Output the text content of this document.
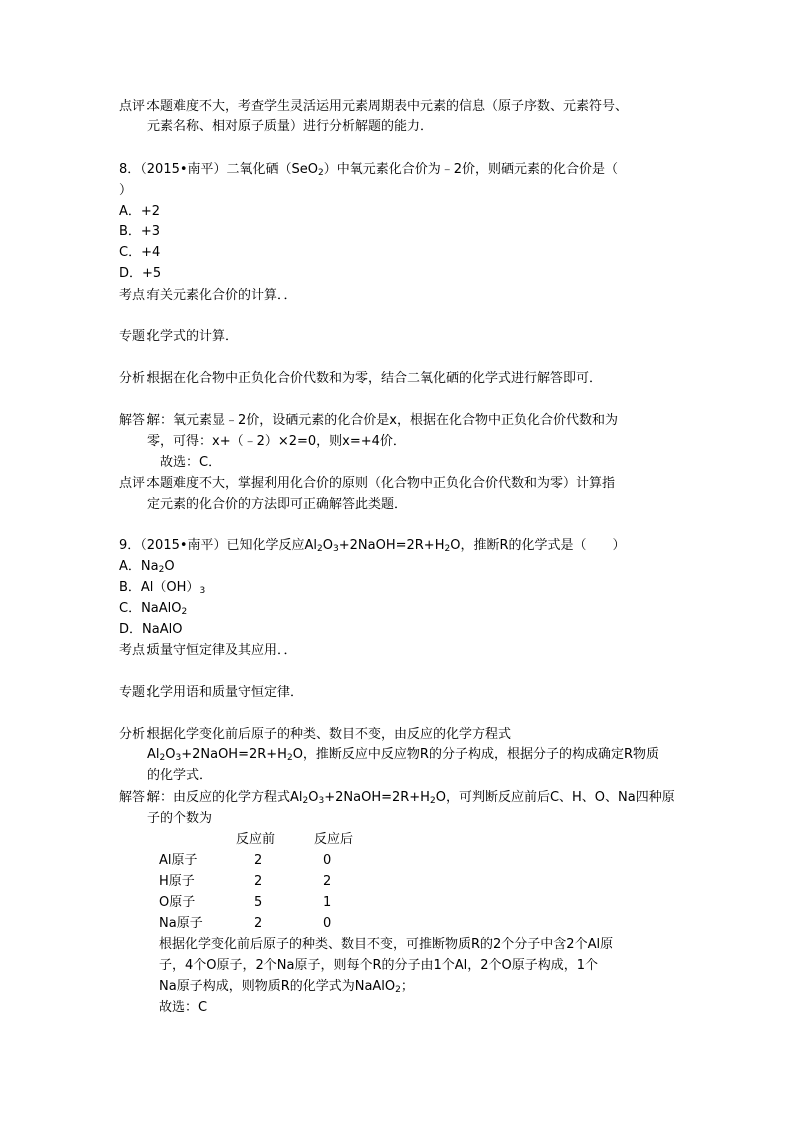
点评：
本题难度不大，考查学生灵活运用元素周期表中元素的信息（原子序数、元素符号、
元素名称、相对原子质量）进行分析解题的能力．
8．（2015•南平）二氧化硒（SeO$_2$）中氧元素化合价为﹣2价，则硒元素的化合价是（
）
A．+2
B．+3
C．+4
D．+5
考点：
有关元素化合价的计算．．
专题：
化学式的计算．
分析：
根据在化合物中正负化合价代数和为零，结合二氧化硒的化学式进行解答即可．
解答：
解：氧元素显﹣2价，设硒元素的化合价是x，根据在化合物中正负化合价代数和为
零，可得：x+（﹣2）×2=0，则x=+4价．
故选：C．
点评：
本题难度不大，掌握利用化合价的原则（化合物中正负化合价代数和为零）计算指
定元素的化合价的方法即可正确解答此类题．
9．（2015•南平）已知化学反应$Al_2O_3+2NaOH=2R+H_2O$，推断R的化学式是（　　）
A．$Na_2O$
B．$Al(OH)_3$
C．NaAlO$_2$
D．NaAlO
考点：
质量守恒定律及其应用．．
专题：
化学用语和质量守恒定律．
分析：
根据化学变化前后原子的种类、数目不变，由反应的化学方程式
$Al_2O_3+2NaOH=2R+H_2O$，推断反应中反应物R的分子构成，根据分子的构成确定R物质
的化学式．
解答：
解：由反应的化学方程式$Al_2O_3+2NaOH=2R+H_2O$，可判断反应前后C、H、O、Na四种原
子的个数为
反应前	反应后
Al原子	2	0
H原子	2	2
O原子	5	1
Na原子	2	0
根据化学变化前后原子的种类、数目不变，可推断物质R的2个分子中含2个Al原
子，4个O原子，2个Na原子，则每个R的分子由1个Al，2个O原子构成，1个
Na原子构成，则物质R的化学式为NaAlO$_2$；
故选：C
